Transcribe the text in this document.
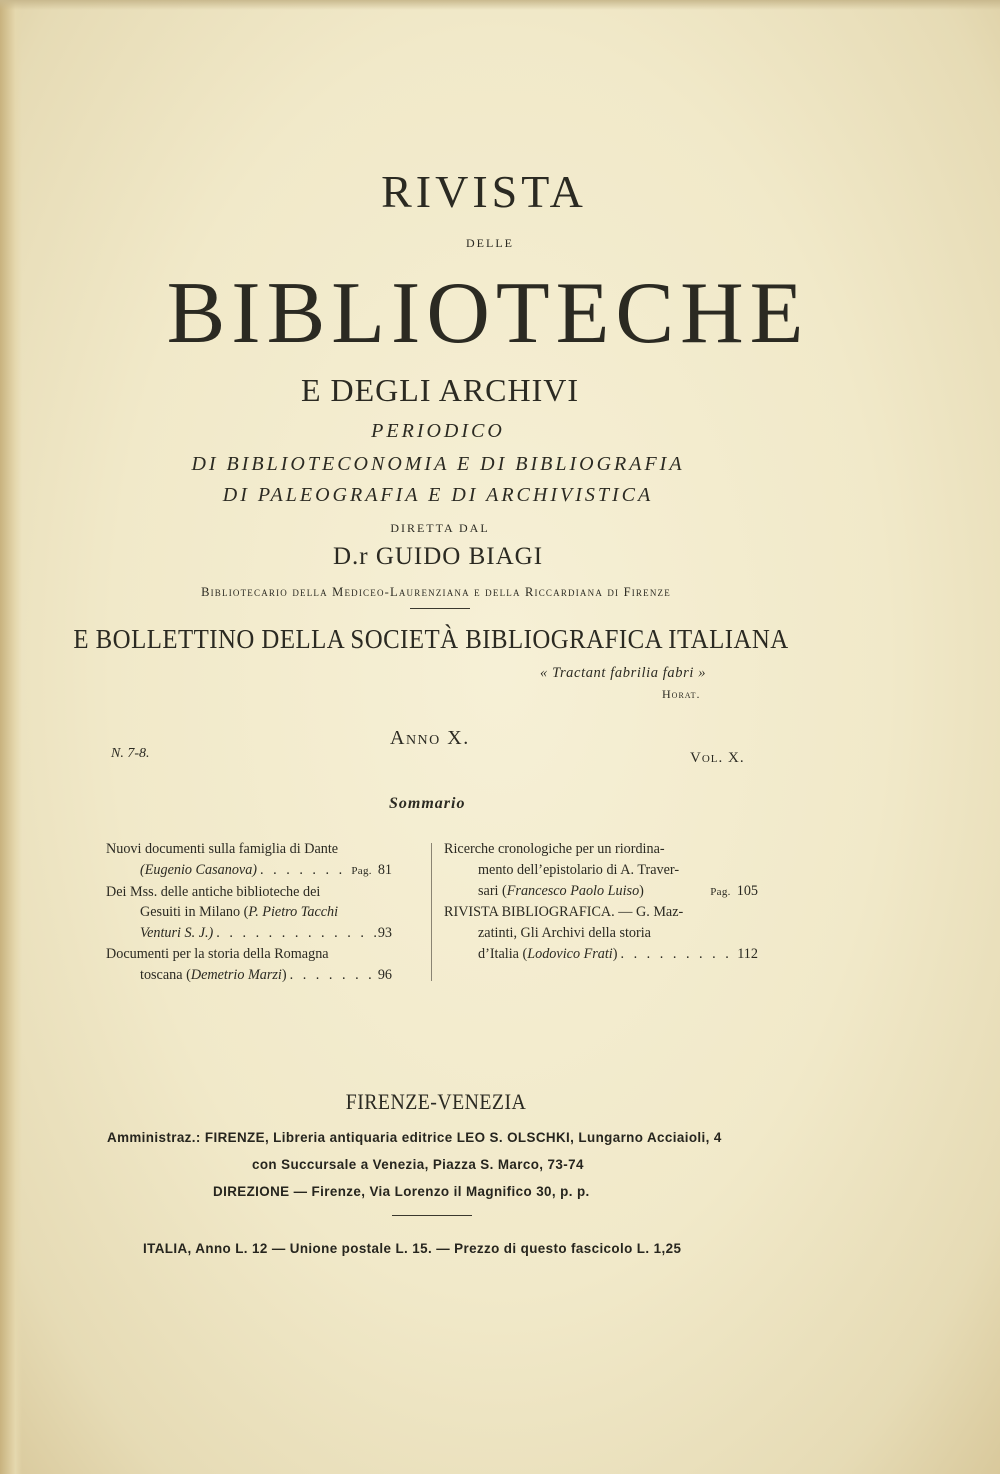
RIVISTA
DELLE
BIBLIOTECHE
E DEGLI ARCHIVI
PERIODICO
DI BIBLIOTECONOMIA E DI BIBLIOGRAFIA
DI PALEOGRAFIA E DI ARCHIVISTICA
DIRETTA DAL
D.r GUIDO BIAGI
Bibliotecario della Mediceo-Laurenziana e della Riccardiana di Firenze
E BOLLETTINO DELLA SOCIETÀ BIBLIOGRAFICA ITALIANA
« Tractant fabrilia fabri »
Horat.
Anno X.
N. 7-8.	Vol. X.
Sommario
Nuovi documenti sulla famiglia di Dante
(Eugenio Casanova) . . .	Pag. 81
Dei Mss. delle antiche biblioteche dei
Gesuiti in Milano (P. Pietro Tacchi
Venturi S. J.) . . .	93
Documenti per la storia della Romagna
toscana (Demetrio Marzi) . . .	96
Ricerche cronologiche per un riordina-
mento dell’epistolario di A. Traver-
sari (Francesco Paolo Luiso)	Pag. 105
RIVISTA BIBLIOGRAFICA. — G. Maz-
zatinti, Gli Archivi della storia
d’Italia (Lodovico Frati) . . .	112
FIRENZE-VENEZIA
Amministraz.: FIRENZE, Libreria antiquaria editrice LEO S. OLSCHKI, Lungarno Acciaioli, 4
con Succursale a Venezia, Piazza S. Marco, 73-74
DIREZIONE — Firenze, Via Lorenzo il Magnifico 30, p. p.
ITALIA, Anno L. 12 — Unione postale L. 15. — Prezzo di questo fascicolo L. 1,25
